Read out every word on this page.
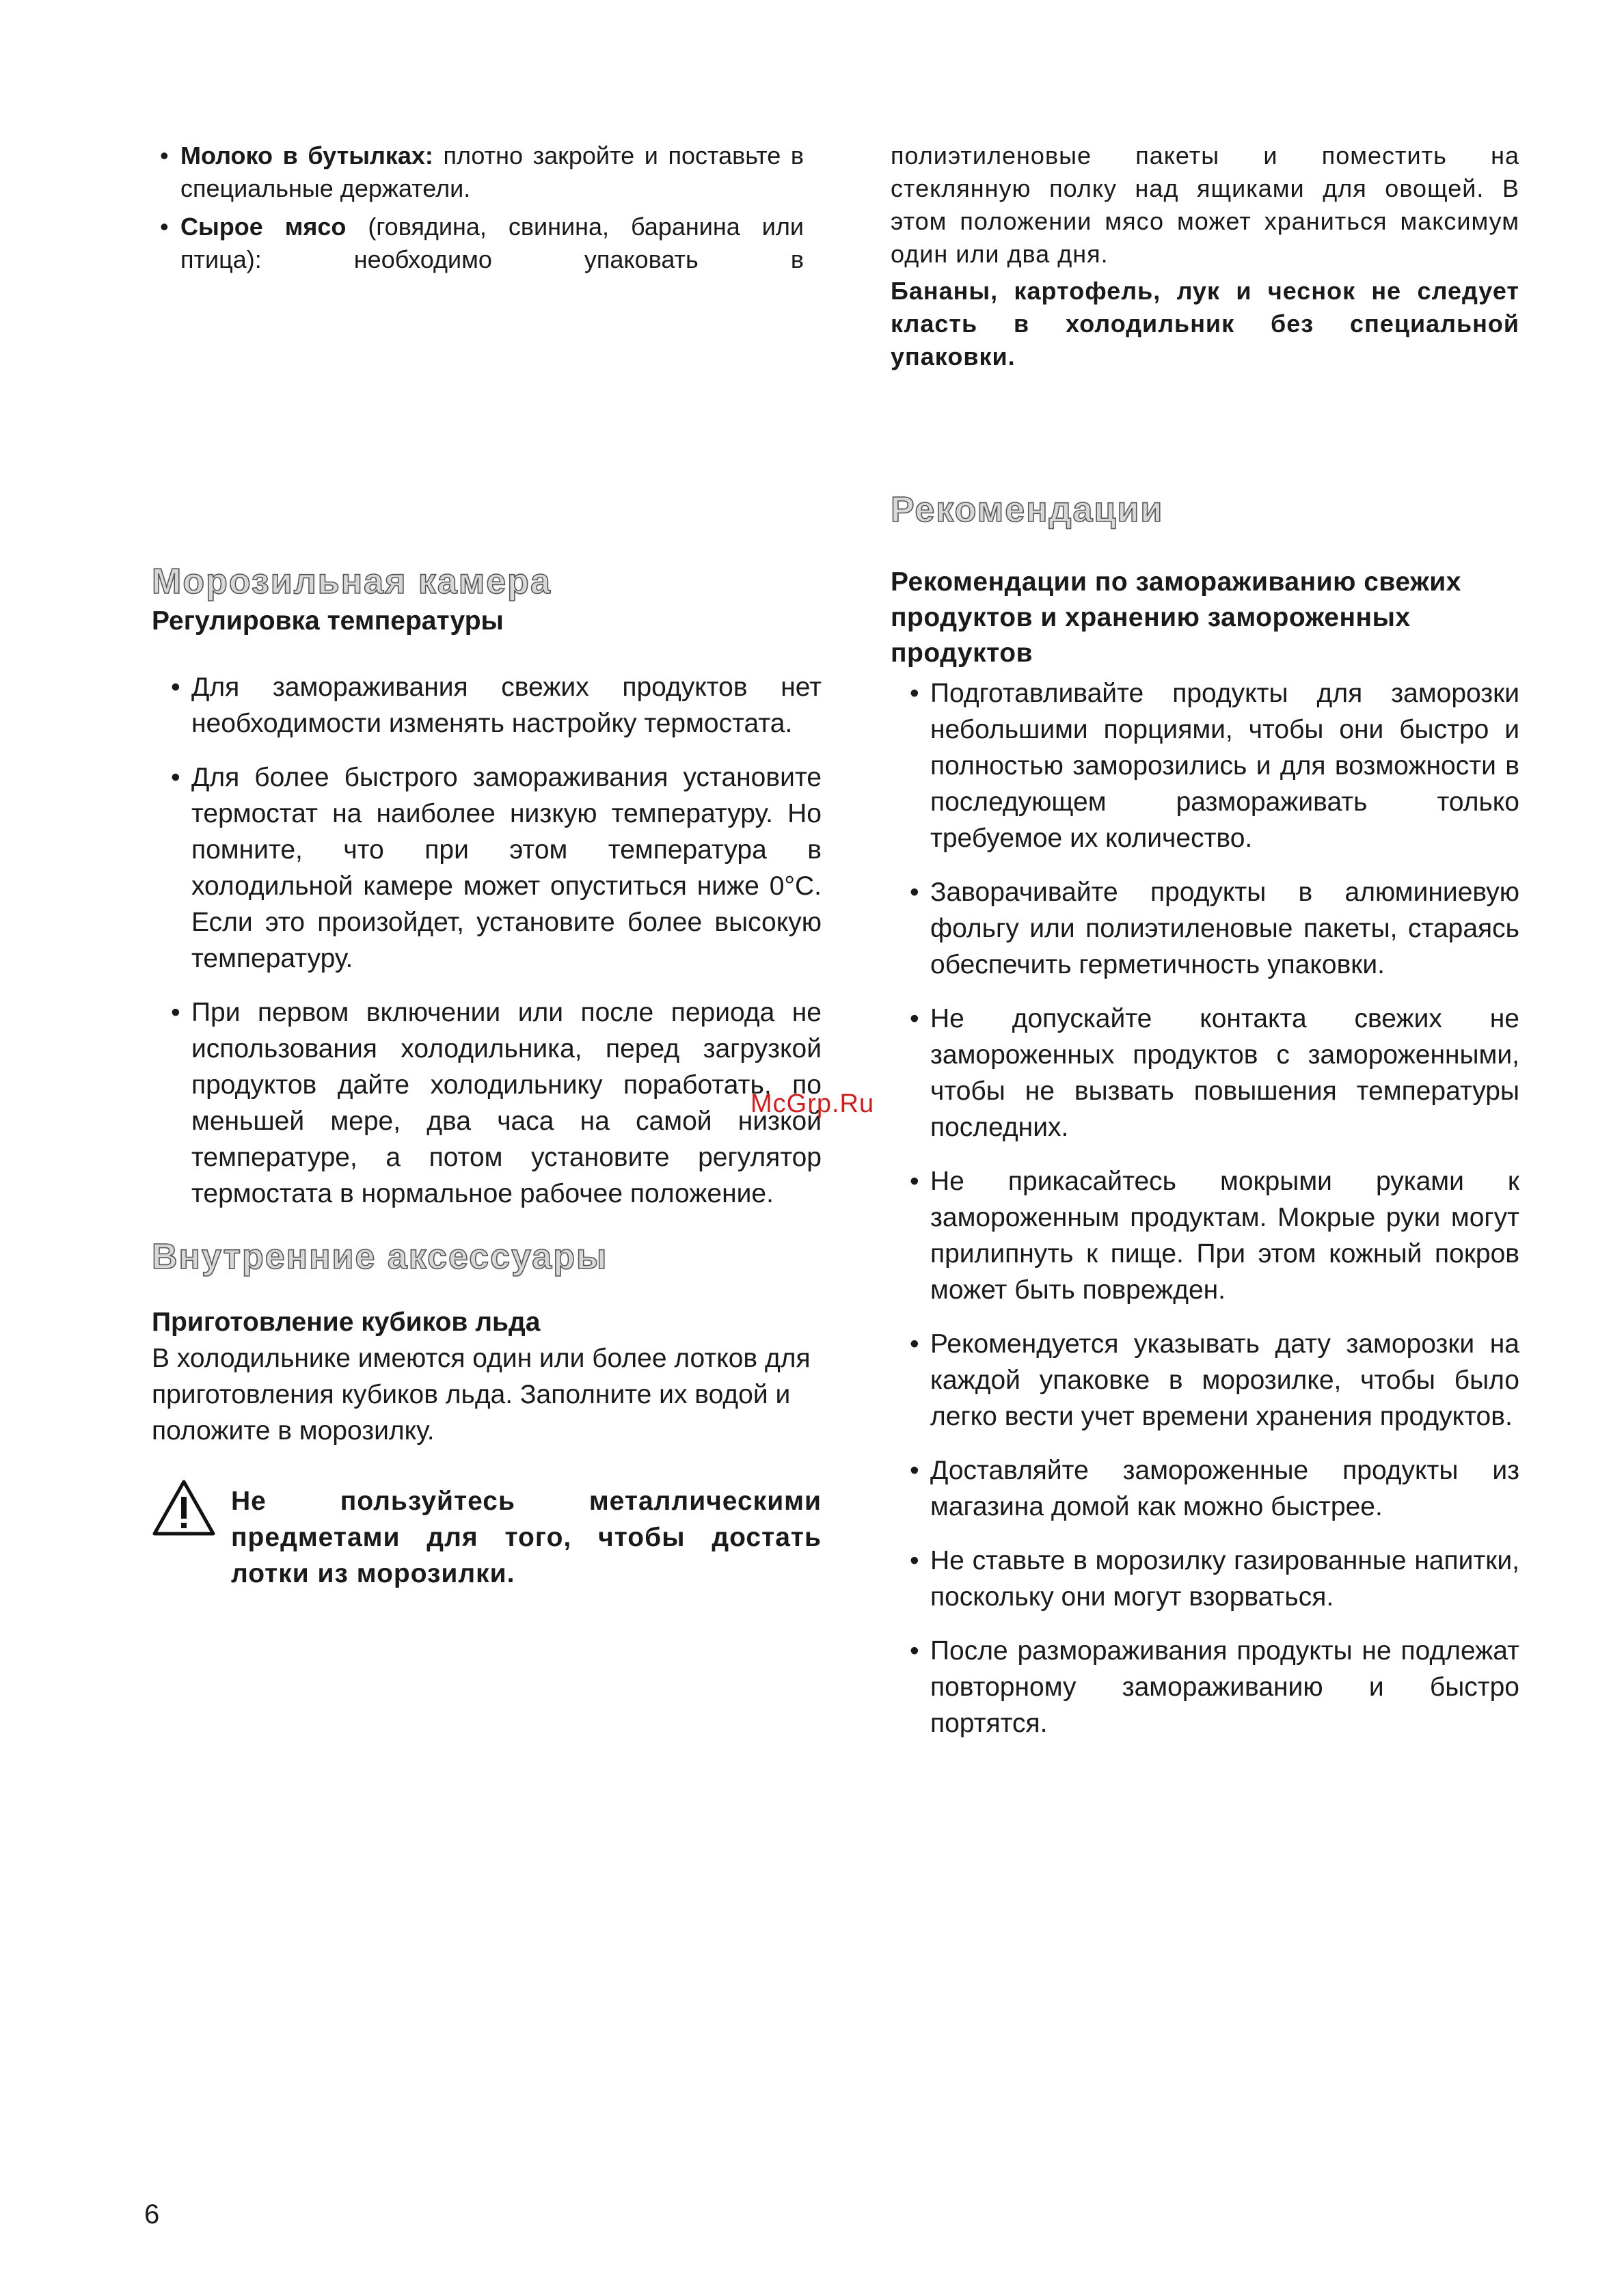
• Молоко в бутылках: плотно закройте и поставьте в специальные держатели.
• Сырое мясо (говядина, свинина, баранина или птица): необходимо упаковать в
Морозильная камера

Регулировка температуры

• Для замораживания свежих продуктов нет необходимости изменять настройку термостата.
• Для более быстрого замораживания установите термостат на наиболее низкую температуру. Но помните, что при этом температура в холодильной камере может опуститься ниже 0°C. Если это произойдет, установите более высокую температуру.
• При первом включении или после периода не использования холодильника, перед загрузкой продуктов дайте холодильнику поработать, по меньшей мере, два часа на самой низкой температуре, а потом установите регулятор термостата в нормальное рабочее положение.
Внутренние аксессуары

Приготовление кубиков льда

В холодильнике имеются один или более лотков для приготовления кубиков льда. Заполните их водой и положите в морозилку.

Не пользуйтесь металлическими предметами для того, чтобы достать лотки из морозилки.

полиэтиленовые пакеты и поместить на стеклянную полку над ящиками для овощей. В этом положении мясо может храниться максимум один или два дня.

Бананы, картофель, лук и чеснок не следует класть в холодильник без специальной упаковки.

Рекомендации

Рекомендации по замораживанию свежих продуктов и хранению замороженных продуктов

• Подготавливайте продукты для заморозки небольшими порциями, чтобы они быстро и полностью заморозились и для возможности в последующем размораживать только требуемое их количество.
• Заворачивайте продукты в алюминиевую фольгу или полиэтиленовые пакеты, стараясь обеспечить герметичность упаковки.
• Не допускайте контакта свежих не замороженных продуктов с замороженными, чтобы не вызвать повышения температуры последних.
• Не прикасайтесь мокрыми руками к замороженным продуктам. Мокрые руки могут прилипнуть к пище. При этом кожный покров может быть поврежден.
• Рекомендуется указывать дату заморозки на каждой упаковке в морозилке, чтобы было легко вести учет времени хранения продуктов.
• Доставляйте замороженные продукты из магазина домой как можно быстрее.
• Не ставьте в морозилку газированные напитки, поскольку они могут взорваться.
• После размораживания продукты не подлежат повторному замораживанию и быстро портятся.
McGrp.Ru
6
